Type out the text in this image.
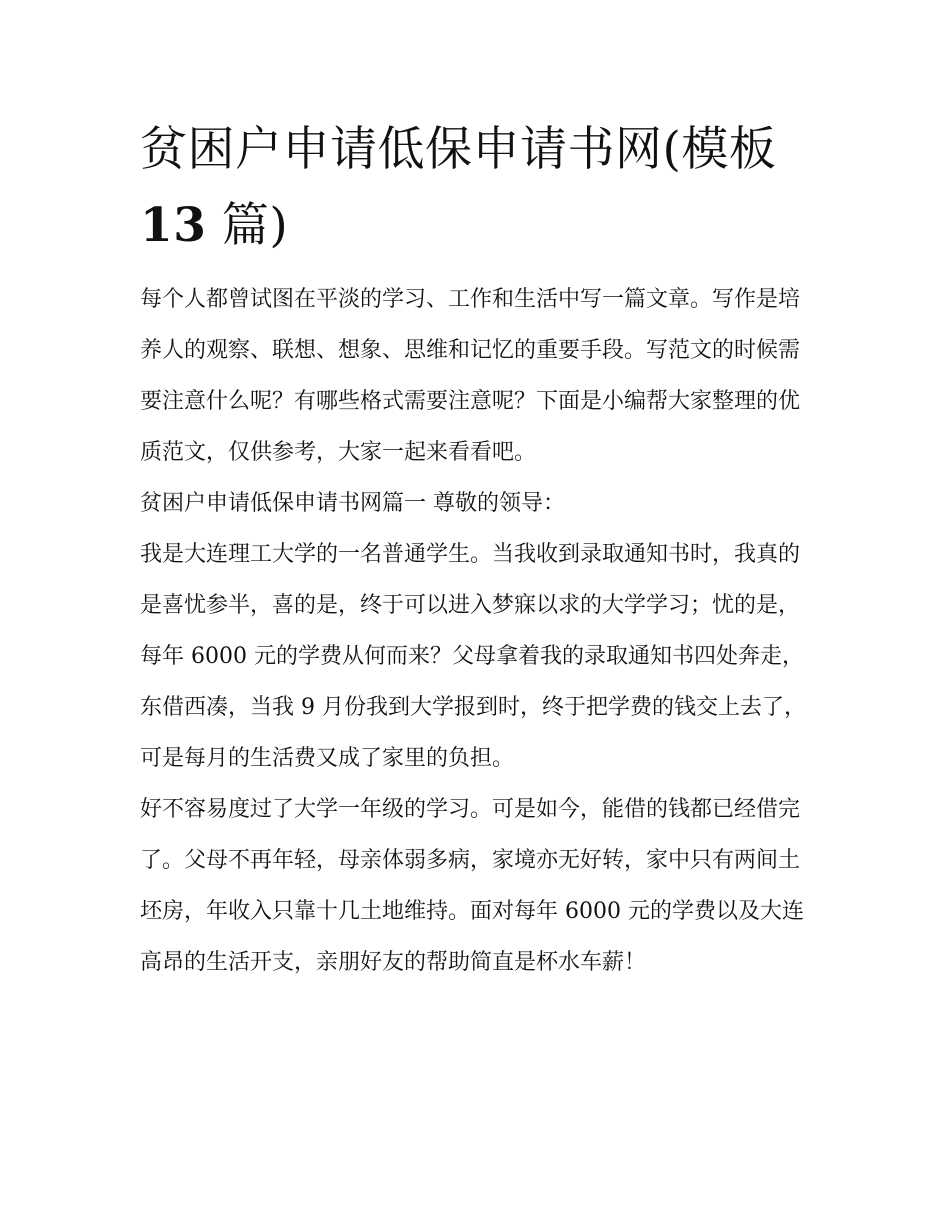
贫困户申请低保申请书网(模板
13 篇)

每个人都曾试图在平淡的学习、工作和生活中写一篇文章。写作是培养人的观察、联想、想象、思维和记忆的重要手段。写范文的时候需要注意什么呢？有哪些格式需要注意呢？下面是小编帮大家整理的优质范文，仅供参考，大家一起来看看吧。

贫困户申请低保申请书网篇一 尊敬的领导：

我是大连理工大学的一名普通学生。当我收到录取通知书时，我真的是喜忧参半，喜的是，终于可以进入梦寐以求的大学学习；忧的是，每年 6000 元的学费从何而来？父母拿着我的录取通知书四处奔走，东借西凑，当我 9 月份我到大学报到时，终于把学费的钱交上去了，可是每月的生活费又成了家里的负担。

好不容易度过了大学一年级的学习。可是如今，能借的钱都已经借完了。父母不再年轻，母亲体弱多病，家境亦无好转，家中只有两间土坯房，年收入只靠十几土地维持。面对每年 6000 元的学费以及大连高昂的生活开支，亲朋好友的帮助简直是杯水车薪！
